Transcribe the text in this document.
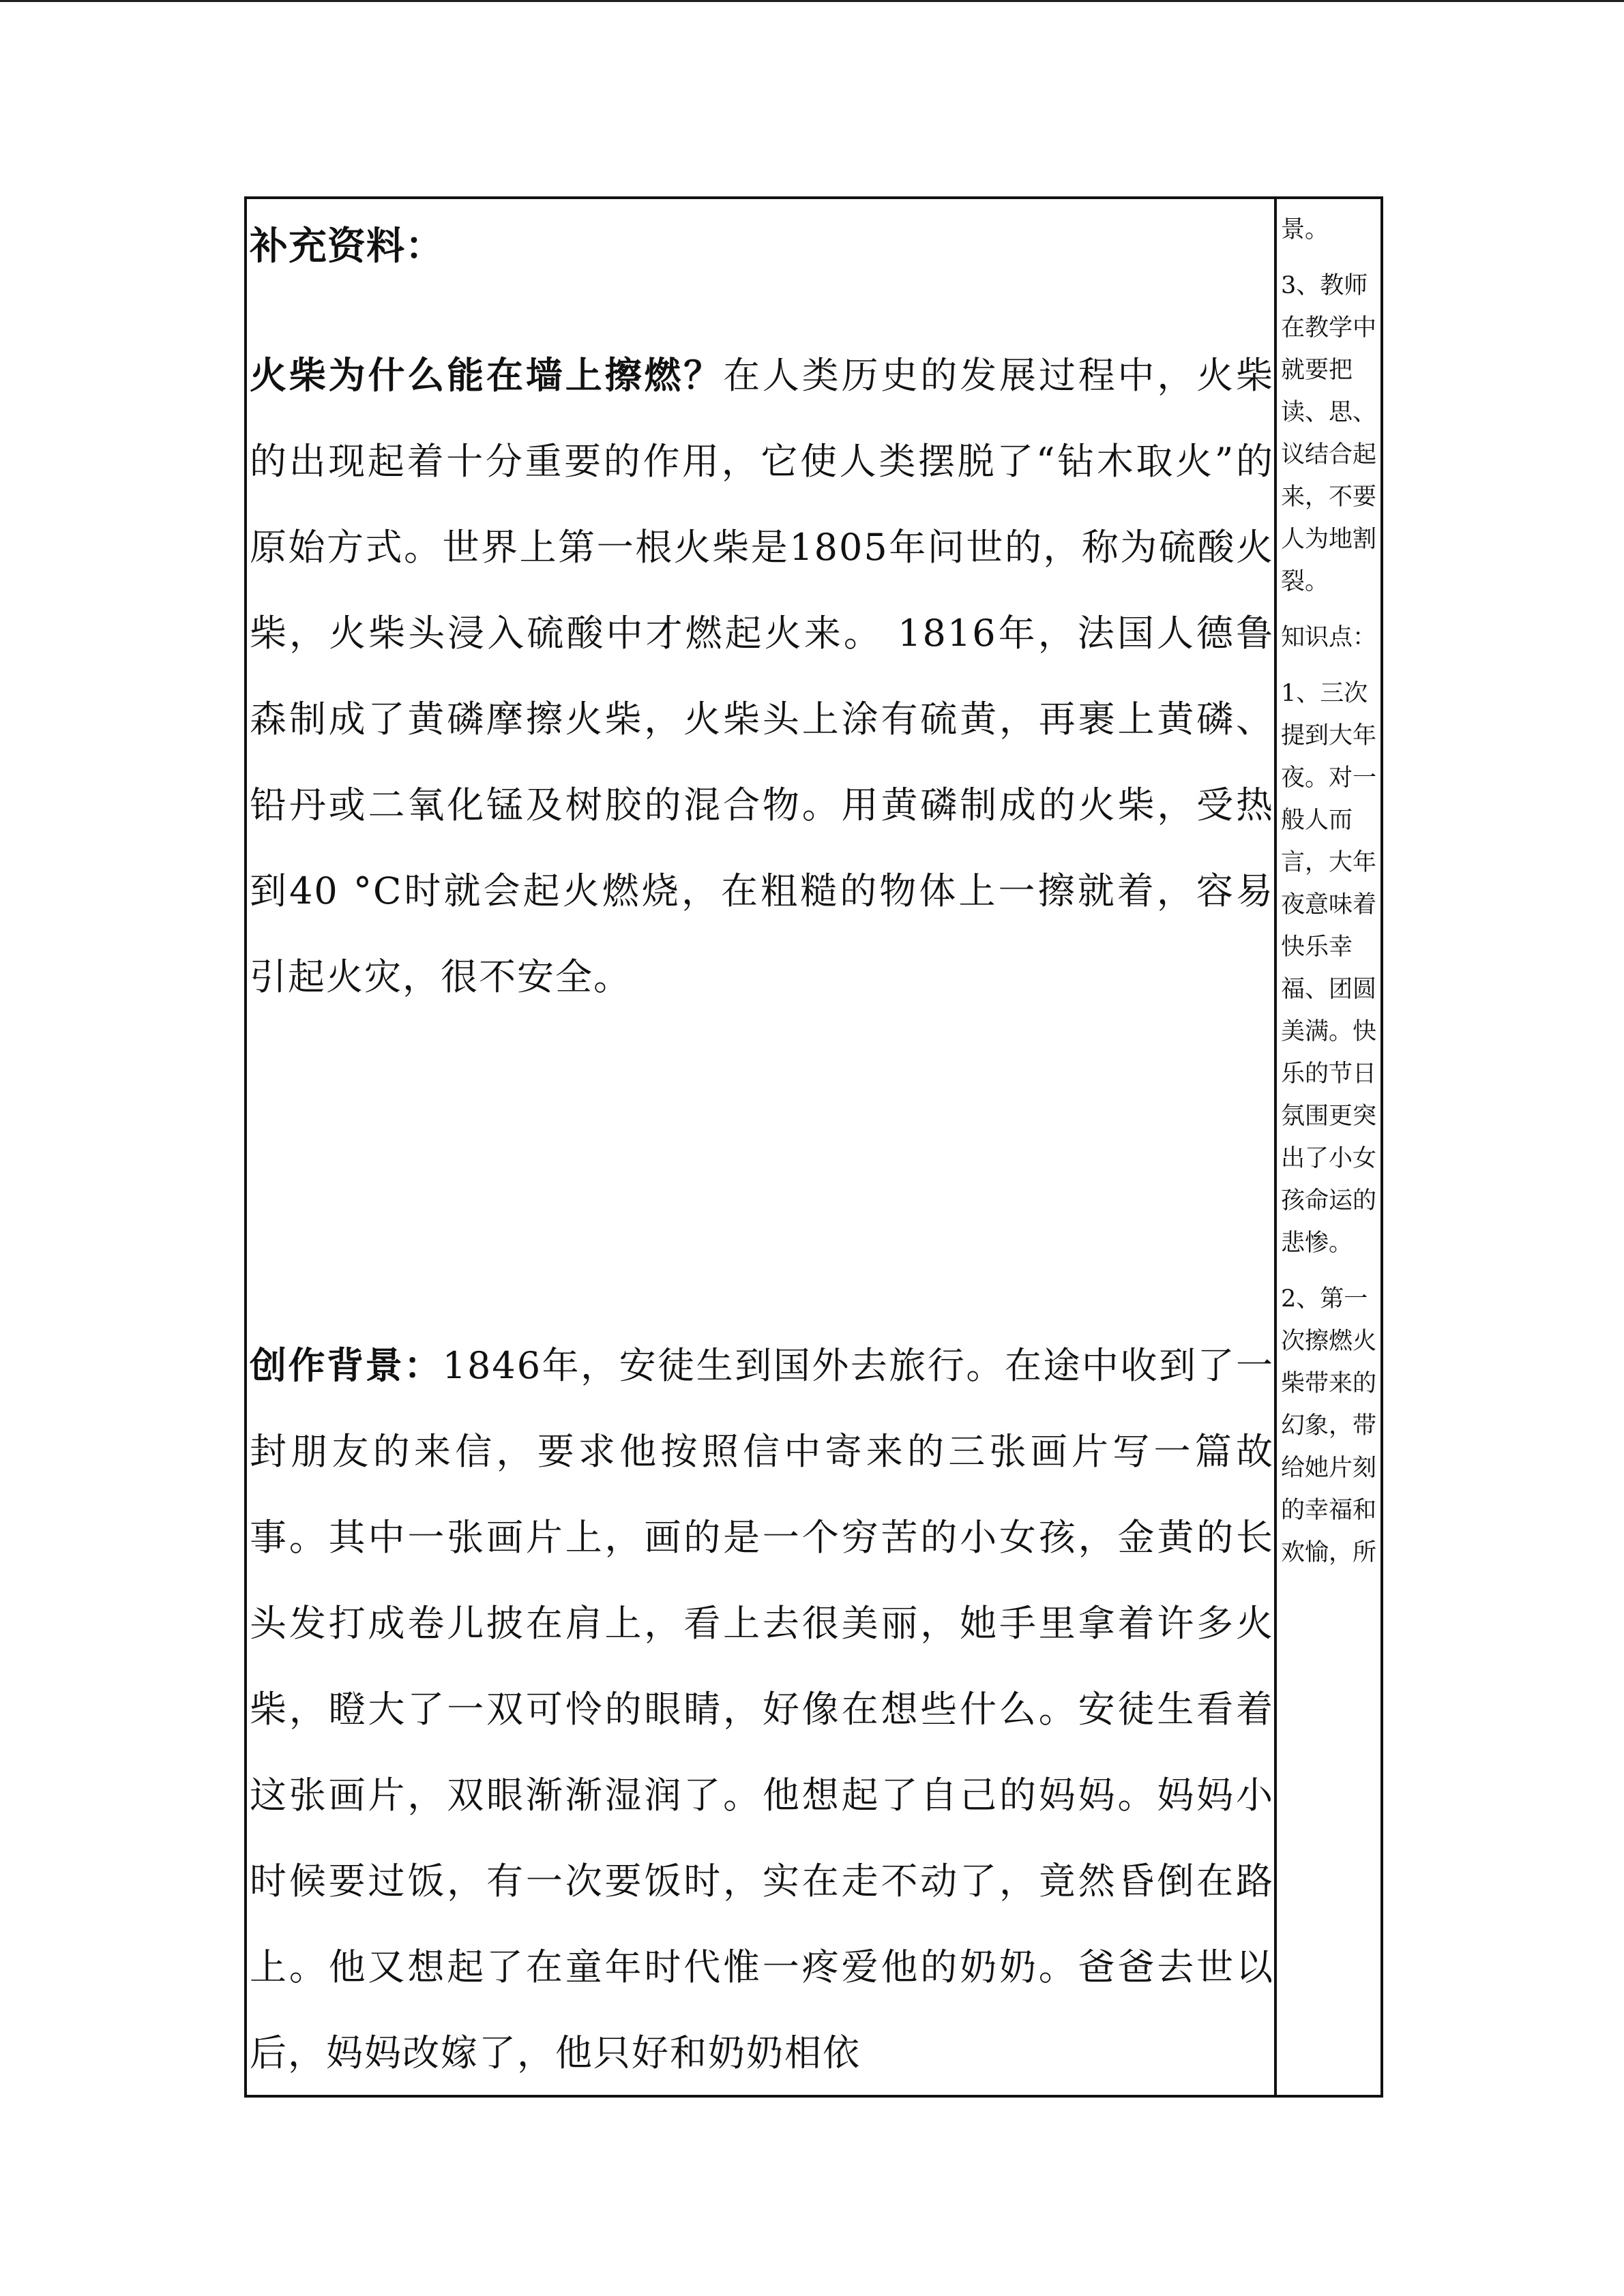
补充资料：

火柴为什么能在墙上擦燃？在人类历史的发展过程中，火柴的出现起着十分重要的作用，它使人类摆脱了“钻木取火”的原始方式。世界上第一根火柴是1805年问世的，称为硫酸火柴，火柴头浸入硫酸中才燃起火来。 1816年，法国人德鲁森制成了黄磷摩擦火柴，火柴头上涂有硫黄，再裹上黄磷、铅丹或二氧化锰及树胶的混合物。用黄磷制成的火柴，受热到40 °C时就会起火燃烧，在粗糙的物体上一擦就着，容易引起火灾，很不安全。

创作背景：1846年，安徒生到国外去旅行。在途中收到了一封朋友的来信，要求他按照信中寄来的三张画片写一篇故事。其中一张画片上，画的是一个穷苦的小女孩，金黄的长头发打成卷儿披在肩上，看上去很美丽，她手里拿着许多火柴，瞪大了一双可怜的眼睛，好像在想些什么。安徒生看着这张画片，双眼渐渐湿润了。他想起了自己的妈妈。妈妈小时候要过饭，有一次要饭时，实在走不动了，竟然昏倒在路上。他又想起了在童年时代惟一疼爱他的奶奶。爸爸去世以后，妈妈改嫁了，他只好和奶奶相依

景。

3、教师在教学中就要把读、思、议结合起来，不要人为地割裂。

知识点：

1、三次提到大年夜。对一般人而言，大年夜意味着快乐幸福、团圆美满。快乐的节日氛围更突出了小女孩命运的悲惨。

2、第一次擦燃火柴带来的幻象，带给她片刻的幸福和欢愉，所
